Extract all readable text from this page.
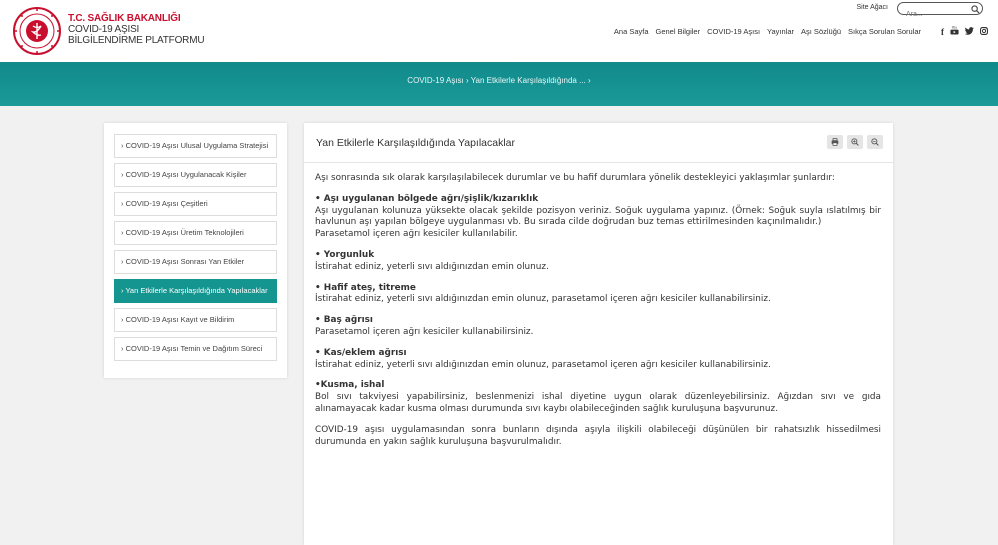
T.C. SAĞLIK BAKANLIĞI
COVID-19 AŞISI
BİLGİLENDİRME PLATFORMU
Site Ağacı
Ara...
Ana Sayfa Genel Bilgiler COVID-19 Aşısı Yayınlar Aşı Sözlüğü Sıkça Sorulan Sorular f You
COVID-19 Aşısı › Yan Etkilerle Karşılaşıldığında ... ›
› COVID-19 Aşısı Ulusal Uygulama Stratejisi
› COVID-19 Aşısı Uygulanacak Kişiler
› COVID-19 Aşısı Çeşitleri
› COVID-19 Aşısı Üretim Teknolojileri
› COVID-19 Aşısı Sonrası Yan Etkiler
› Yan Etkilerle Karşılaşıldığında Yapılacaklar
› COVID-19 Aşısı Kayıt ve Bildirim
› COVID-19 Aşısı Temin ve Dağıtım Süreci
Yan Etkilerle Karşılaşıldığında Yapılacaklar

Aşı sonrasında sık olarak karşılaşılabilecek durumlar ve bu hafif durumlara yönelik destekleyici yaklaşımlar şunlardır:

• Aşı uygulanan bölgede ağrı/şişlik/kızarıklık
Aşı uygulanan kolunuza yüksekte olacak şekilde pozisyon veriniz. Soğuk uygulama yapınız. (Örnek: Soğuk suyla ıslatılmış bir havlunun aşı yapılan bölgeye uygulanması vb. Bu sırada cilde doğrudan buz temas ettirilmesinden kaçınılmalıdır.)
Parasetamol içeren ağrı kesiciler kullanılabilir.

• Yorgunluk
İstirahat ediniz, yeterli sıvı aldığınızdan emin olunuz.

• Hafif ateş, titreme
İstirahat ediniz, yeterli sıvı aldığınızdan emin olunuz, parasetamol içeren ağrı kesiciler kullanabilirsiniz.

• Baş ağrısı
Parasetamol içeren ağrı kesiciler kullanabilirsiniz.

• Kas/eklem ağrısı
İstirahat ediniz, yeterli sıvı aldığınızdan emin olunuz, parasetamol içeren ağrı kesiciler kullanabilirsiniz.

•Kusma, ishal
Bol sıvı takviyesi yapabilirsiniz, beslenmenizi ishal diyetine uygun olarak düzenleyebilirsiniz. Ağızdan sıvı ve gıda alınamayacak kadar kusma olması durumunda sıvı kaybı olabileceğinden sağlık kuruluşuna başvurunuz.

COVID-19 aşısı uygulamasından sonra bunların dışında aşıyla ilişkili olabileceği düşünülen bir rahatsızlık hissedilmesi durumunda en yakın sağlık kuruluşuna başvurulmalıdır.
